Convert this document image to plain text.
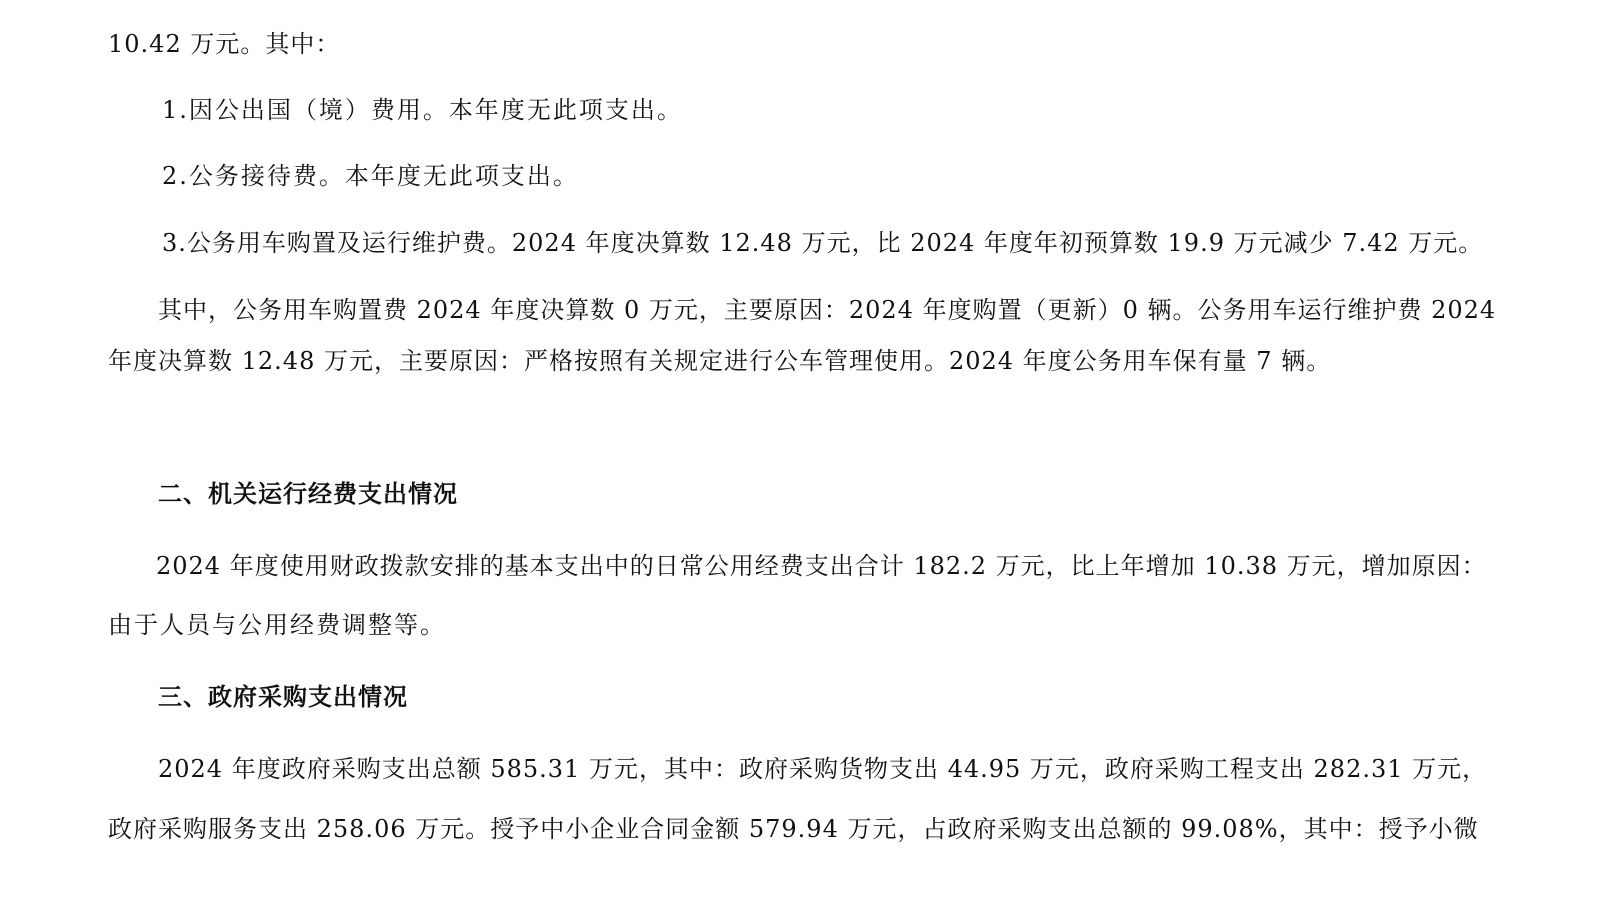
10.42 万元。其中：
1.因公出国（境）费用。本年度无此项支出。
2.公务接待费。本年度无此项支出。
3.公务用车购置及运行维护费。2024 年度决算数 12.48 万元，比 2024 年度年初预算数 19.9 万元减少 7.42 万元。
其中，公务用车购置费 2024 年度决算数 0 万元，主要原因：2024 年度购置（更新）0 辆。公务用车运行维护费 2024
年度决算数 12.48 万元，主要原因：严格按照有关规定进行公车管理使用。2024 年度公务用车保有量 7 辆。
二、机关运行经费支出情况
2024 年度使用财政拨款安排的基本支出中的日常公用经费支出合计 182.2 万元，比上年增加 10.38 万元，增加原因：
由于人员与公用经费调整等。
三、政府采购支出情况
2024 年度政府采购支出总额 585.31 万元，其中：政府采购货物支出 44.95 万元，政府采购工程支出 282.31 万元，
政府采购服务支出 258.06 万元。授予中小企业合同金额 579.94 万元，占政府采购支出总额的 99.08%，其中：授予小微
